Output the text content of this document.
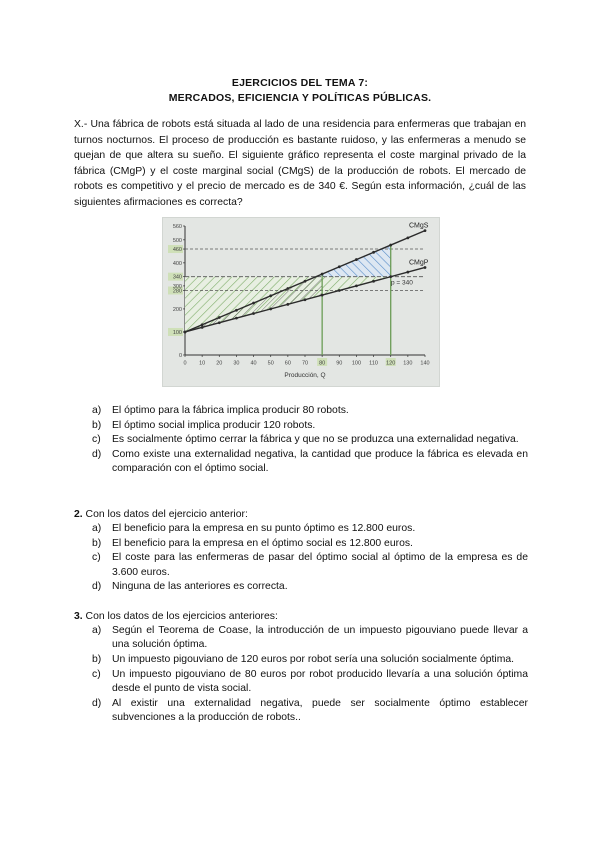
EJERCICIOS DEL TEMA 7:
MERCADOS, EFICIENCIA Y POLÍTICAS PÚBLICAS.
X.- Una fábrica de robots está situada al lado de una residencia para enfermeras que trabajan en turnos nocturnos. El proceso de producción es bastante ruidoso, y las enfermeras a menudo se quejan de que altera su sueño. El siguiente gráfico representa el coste marginal privado de la fábrica (CMgP) y el coste marginal social (CMgS) de la producción de robots. El mercado de robots es competitivo y el precio de mercado es de 340 €. Según esta información, ¿cuál de las siguientes afirmaciones es correcta?
0 10 20 30 40 50 60 70 80 90 100 110 120 130 140
0
100
200
280
300
340
400
460
500
560	CMgS
CMgP
p = 340
Producción, Q
a) El óptimo para la fábrica implica producir 80 robots.
b) El óptimo social implica producir 120 robots.
c) Es socialmente óptimo cerrar la fábrica y que no se produzca una externalidad negativa.
d) Como existe una externalidad negativa, la cantidad que produce la fábrica es elevada en comparación con el óptimo social.
2. Con los datos del ejercicio anterior:
a) El beneficio para la empresa en su punto óptimo es 12.800 euros.
b) El beneficio para la empresa en el óptimo social es 12.800 euros.
c) El coste para las enfermeras de pasar del óptimo social al óptimo de la empresa es de 3.600 euros.
d) Ninguna de las anteriores es correcta.
3. Con los datos de los ejercicios anteriores:
a) Según el Teorema de Coase, la introducción de un impuesto pigouviano puede llevar a una solución óptima.
b) Un impuesto pigouviano de 120 euros por robot sería una solución socialmente óptima.
c) Un impuesto pigouviano de 80 euros por robot producido llevaría a una solución óptima desde el punto de vista social.
d) Al existir una externalidad negativa, puede ser socialmente óptimo establecer subvenciones a la producción de robots..
